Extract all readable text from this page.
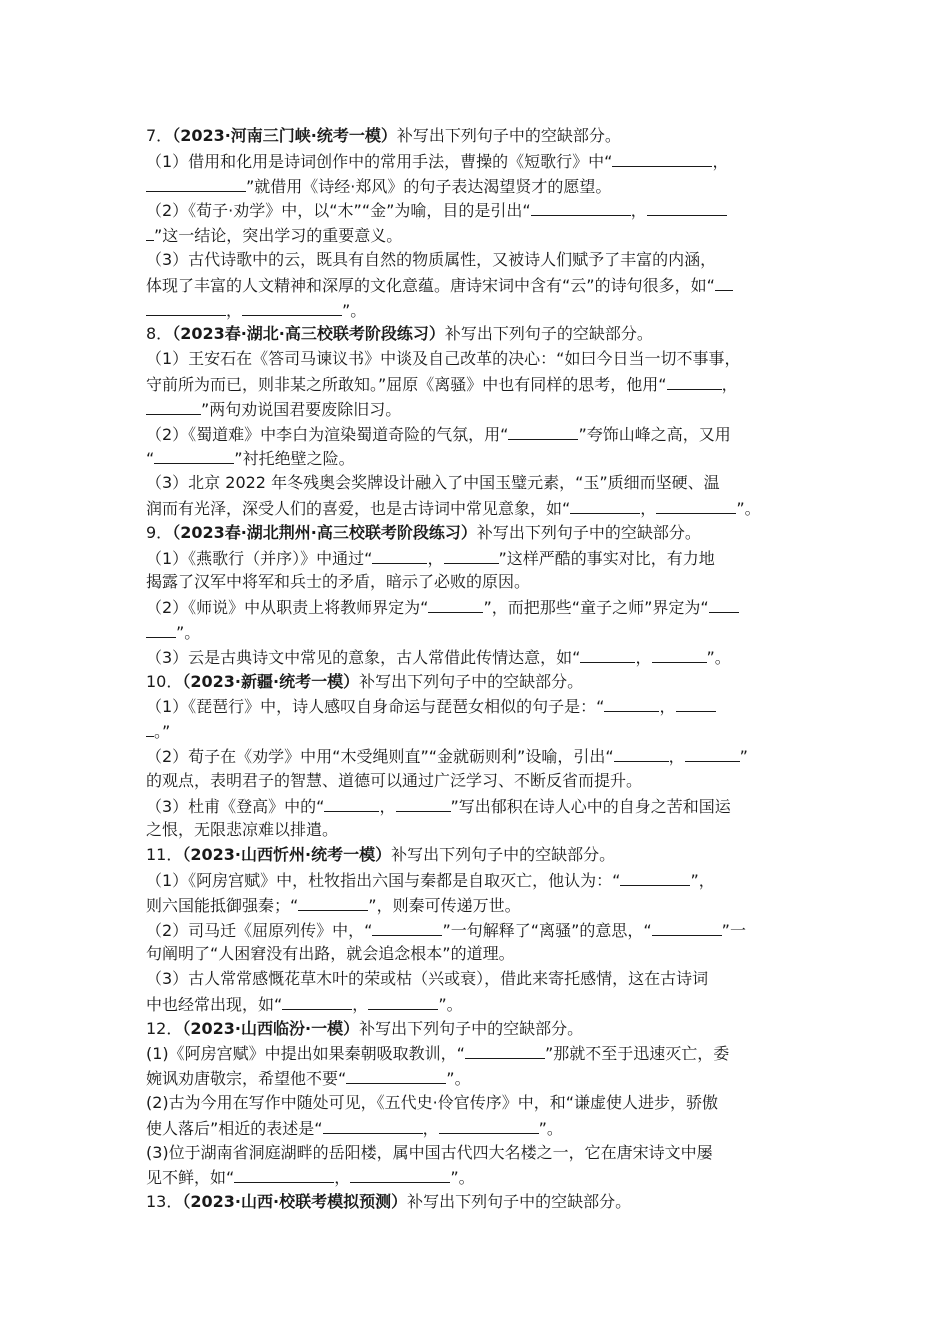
7．（2023·河南三门峡·统考一模）补写出下列句子中的空缺部分。
（1）借用和化用是诗词创作中的常用手法，曹操的《短歌行》中“	，
”就借用《诗经·郑风》的句子表达渴望贤才的愿望。
（2）《荀子·劝学》中，以“木”“金”为喻，目的是引出“	，
”这一结论，突出学习的重要意义。
（3）古代诗歌中的云，既具有自然的物质属性，又被诗人们赋予了丰富的内涵，
体现了丰富的人文精神和深厚的文化意蕴。唐诗宋词中含有“云”的诗句很多，如“
，	”。
8．（2023春·湖北·高三校联考阶段练习）补写出下列句子的空缺部分。
（1）王安石在《答司马谏议书》中谈及自己改革的决心：“如曰今日当一切不事事，
守前所为而已，则非某之所敢知。”屈原《离骚》中也有同样的思考，他用“	，
”两句劝说国君要废除旧习。
（2）《蜀道难》中李白为渲染蜀道奇险的气氛，用“	”夸饰山峰之高，又用
“	”衬托绝壁之险。
（3）北京 2022 年冬残奥会奖牌设计融入了中国玉璧元素，“玉”质细而坚硬、温
润而有光泽，深受人们的喜爱，也是古诗词中常见意象，如“	，	”。
9．（2023春·湖北荆州·高三校联考阶段练习）补写出下列句子中的空缺部分。
（1）《燕歌行（并序）》中通过“	，	”这样严酷的事实对比，有力地
揭露了汉军中将军和兵士的矛盾，暗示了必败的原因。
（2）《师说》中从职责上将教师界定为“	”，而把那些“童子之师”界定为“
”。
（3）云是古典诗文中常见的意象，古人常借此传情达意，如“	，	”。
10．（2023·新疆·统考一模）补写出下列句子中的空缺部分。
（1）《琵琶行》中，诗人感叹自身命运与琵琶女相似的句子是：“	，
。”
（2）荀子在《劝学》中用“木受绳则直”“金就砺则利”设喻，引出“	，	”
的观点，表明君子的智慧、道德可以通过广泛学习、不断反省而提升。
（3）杜甫《登高》中的“	，	”写出郁积在诗人心中的自身之苦和国运
之恨，无限悲凉难以排遣。
11．（2023·山西忻州·统考一模）补写出下列句子中的空缺部分。
（1）《阿房宫赋》中，杜牧指出六国与秦都是自取灭亡，他认为：“	”，
则六国能抵御强秦；“	”，则秦可传递万世。
（2）司马迁《屈原列传》中，“	”一句解释了“离骚”的意思，“	”一
句阐明了“人困窘没有出路，就会追念根本”的道理。
（3）古人常常感慨花草木叶的荣或枯（兴或衰），借此来寄托感情，这在古诗词
中也经常出现，如“	，	”。
12．（2023·山西临汾·一模）补写出下列句子中的空缺部分。
(1)《阿房宫赋》中提出如果秦朝吸取教训，“	”那就不至于迅速灭亡，委
婉讽劝唐敬宗，希望他不要“	”。
(2)古为今用在写作中随处可见，《五代史·伶官传序》中，和“谦虚使人进步，骄傲
使人落后”相近的表述是“	，	”。
(3)位于湖南省洞庭湖畔的岳阳楼，属中国古代四大名楼之一，它在唐宋诗文中屡
见不鲜，如“	，	”。
13．（2023·山西·校联考模拟预测）补写出下列句子中的空缺部分。
